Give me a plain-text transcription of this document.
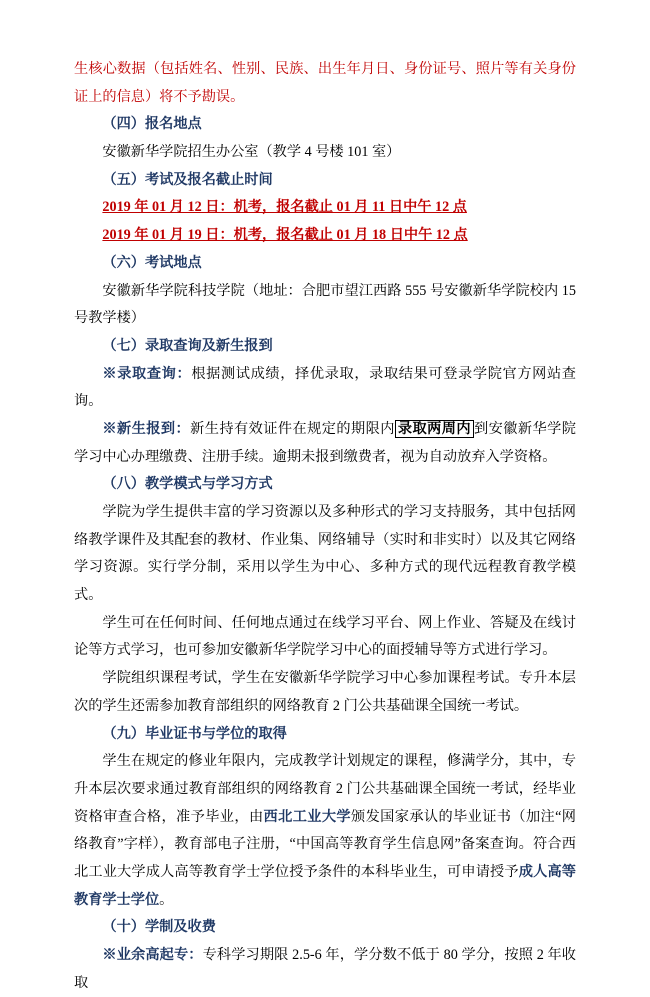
生核心数据（包括姓名、性别、民族、出生年月日、身份证号、照片等有关身份证上的信息）将不予勘误。

（四）报名地点

安徽新华学院招生办公室（教学 4 号楼 101 室）

（五）考试及报名截止时间

2019 年 01 月 12 日：机考，报名截止 01 月 11 日中午 12 点

2019 年 01 月 19 日：机考，报名截止 01 月 18 日中午 12 点

（六）考试地点

安徽新华学院科技学院（地址：合肥市望江西路 555 号安徽新华学院校内 15 号教学楼）

（七）录取查询及新生报到

※录取查询：根据测试成绩，择优录取，录取结果可登录学院官方网站查询。

※新生报到：新生持有效证件在规定的期限内 录取两周内 到安徽新华学院学习中心办理缴费、注册手续。逾期未报到缴费者，视为自动放弃入学资格。

（八）教学模式与学习方式

学院为学生提供丰富的学习资源以及多种形式的学习支持服务，其中包括网络教学课件及其配套的教材、作业集、网络辅导（实时和非实时）以及其它网络学习资源。实行学分制，采用以学生为中心、多种方式的现代远程教育教学模式。

学生可在任何时间、任何地点通过在线学习平台、网上作业、答疑及在线讨论等方式学习，也可参加安徽新华学院学习中心的面授辅导等方式进行学习。

学院组织课程考试，学生在安徽新华学院学习中心参加课程考试。专升本层次的学生还需参加教育部组织的网络教育 2 门公共基础课全国统一考试。

（九）毕业证书与学位的取得

学生在规定的修业年限内，完成教学计划规定的课程，修满学分，其中，专升本层次要求通过教育部组织的网络教育 2 门公共基础课全国统一考试，经毕业资格审查合格，准予毕业，由西北工业大学颁发国家承认的毕业证书（加注“网络教育”字样），教育部电子注册，“中国高等教育学生信息网”备案查询。符合西北工业大学成人高等教育学士学位授予条件的本科毕业生，可申请授予成人高等教育学士学位。

（十）学制及收费

※业余高起专：专科学习期限 2.5-6 年，学分数不低于 80 学分，按照 2 年收取
